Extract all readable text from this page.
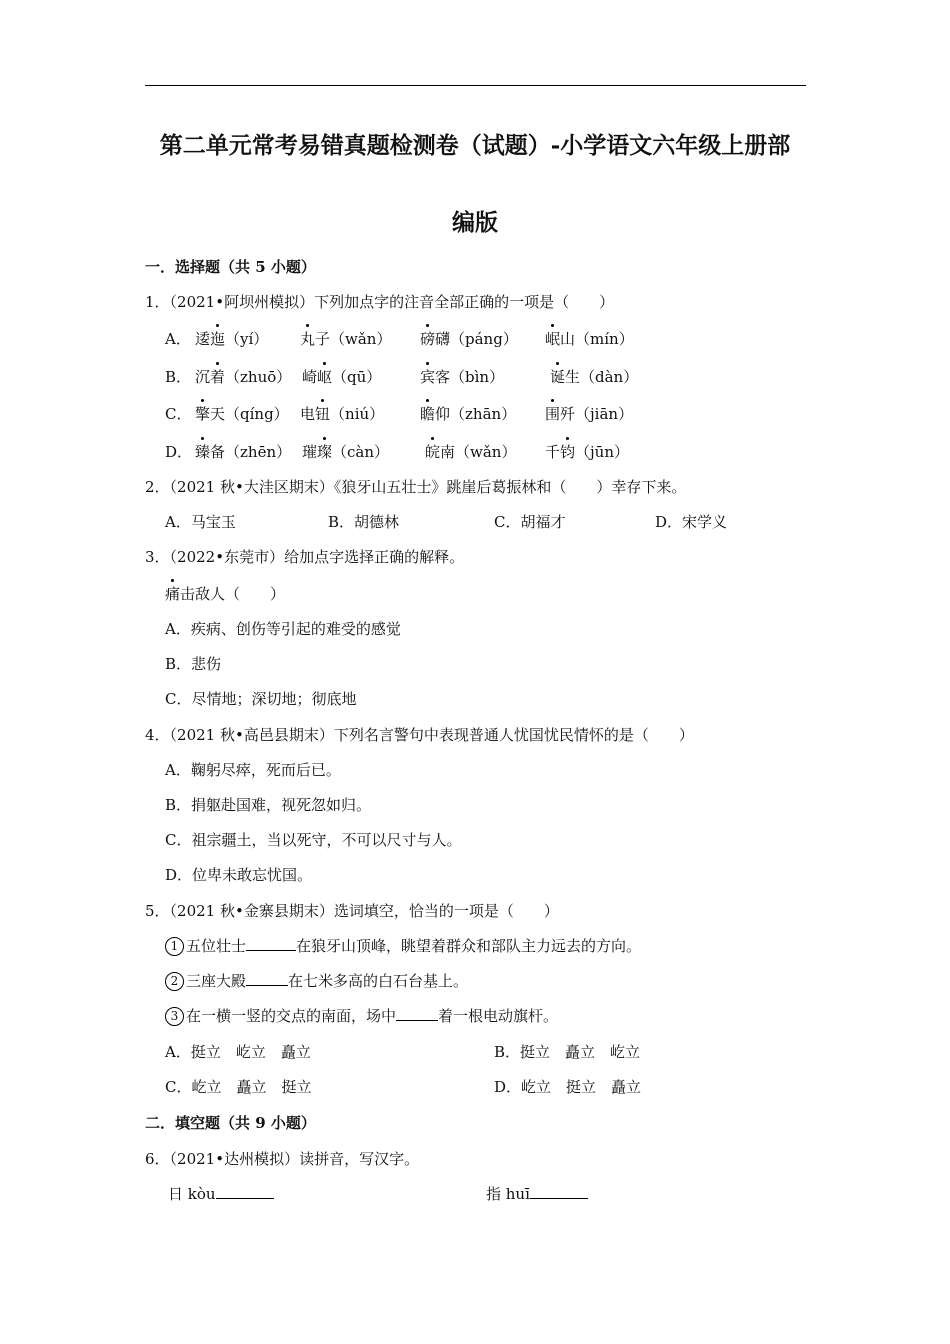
第二单元常考易错真题检测卷（试题）-小学语文六年级上册部
编版
一．选择题（共 5 小题）
1．（2021•阿坝州模拟）下列加点字的注音全部正确的一项是（　　）
A． 逶迤（yí） 丸子（wǎn） 磅礴（páng） 岷山（mín）
B． 沉着（zhuō） 崎岖（qū）	宾客（bìn）	诞生（dàn）
C． 擎天（qíng） 电钮（niú） 瞻仰（zhān） 围歼（jiān）
D． 臻备（zhēn） 璀璨（càn） 皖南（wǎn） 千钧（jūn）
2．（2021 秋•大洼区期末）《狼牙山五壮士》跳崖后葛振林和（　　）幸存下来。
A．马宝玉	B．胡德林	C．胡福才	D．宋学义
3．（2022•东莞市）给加点字选择正确的解释。
痛击敌人（　　）
A．疾病、创伤等引起的难受的感觉
B．悲伤
C．尽情地；深切地；彻底地
4．（2021 秋•高邑县期末）下列名言警句中表现普通人忧国忧民情怀的是（　　）
A．鞠躬尽瘁，死而后已。
B．捐躯赴国难，视死忽如归。
C．祖宗疆土，当以死守，不可以尺寸与人。
D．位卑未敢忘忧国。
5．（2021 秋•金寨县期末）选词填空，恰当的一项是（　　）
1 五位壮士	在狼牙山顶峰，眺望着群众和部队主力远去的方向。
2 三座大殿	在七米多高的白石台基上。
3 在一横一竖的交点的南面，场中	着一根电动旗杆。
A．挺立　屹立　矗立	B．挺立　矗立　屹立
C．屹立　矗立　挺立	D．屹立　挺立　矗立
二．填空题（共 9 小题）
6．（2021•达州模拟）读拼音，写汉字。
日 kòu	指 huī
